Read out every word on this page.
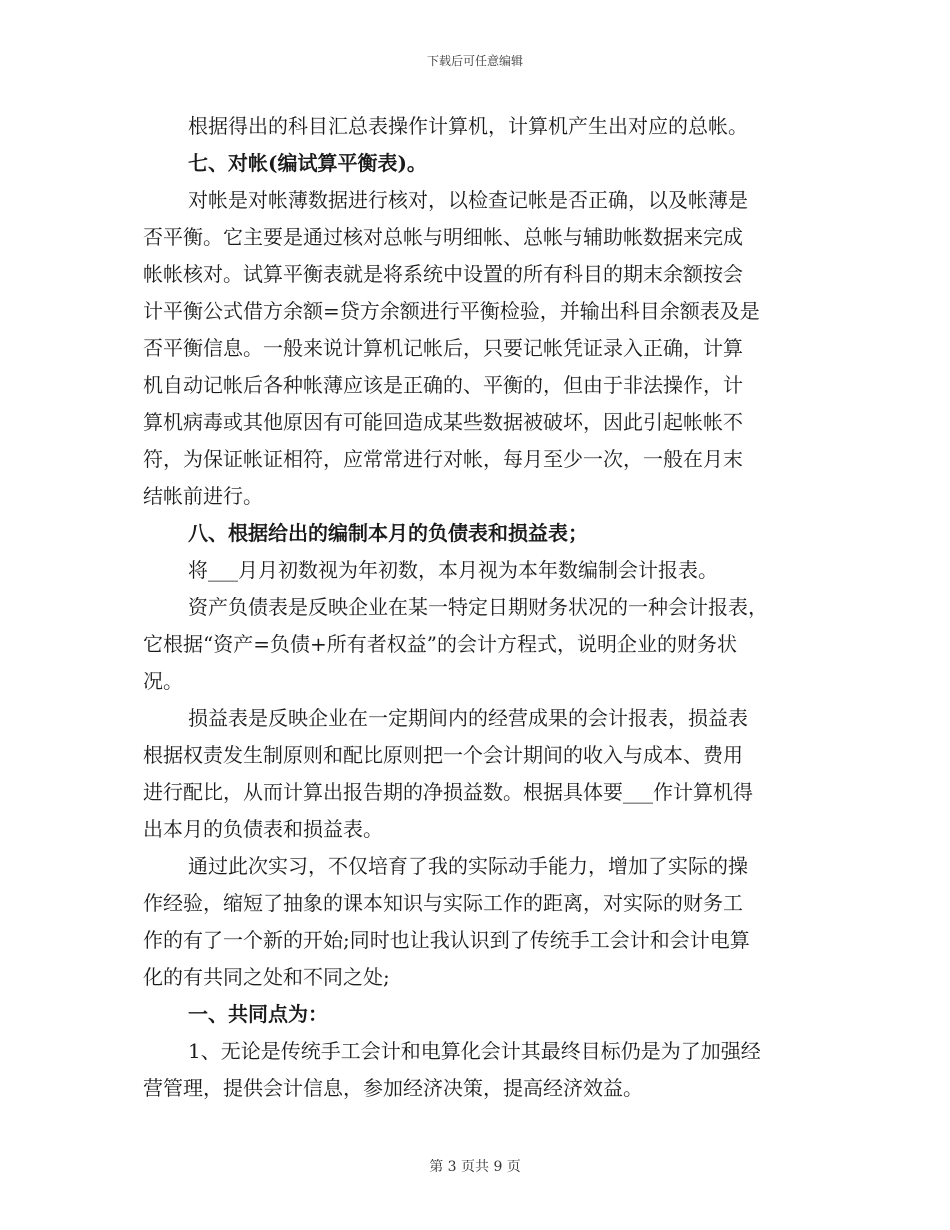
下载后可任意编辑
根据得出的科目汇总表操作计算机，计算机产生出对应的总帐。
七、对帐(编试算平衡表)。
对帐是对帐薄数据进行核对，以检查记帐是否正确，以及帐薄是
否平衡。它主要是通过核对总帐与明细帐、总帐与辅助帐数据来完成
帐帐核对。试算平衡表就是将系统中设置的所有科目的期末余额按会
计平衡公式借方余额=贷方余额进行平衡检验，并输出科目余额表及是
否平衡信息。一般来说计算机记帐后，只要记帐凭证录入正确，计算
机自动记帐后各种帐薄应该是正确的、平衡的，但由于非法操作，计
算机病毒或其他原因有可能回造成某些数据被破坏，因此引起帐帐不
符，为保证帐证相符，应常常进行对帐，每月至少一次，一般在月末
结帐前进行。
八、根据给出的编制本月的负债表和损益表；
将___月月初数视为年初数，本月视为本年数编制会计报表。
资产负债表是反映企业在某一特定日期财务状况的一种会计报表，
它根据“资产=负债+所有者权益”的会计方程式，说明企业的财务状
况。
损益表是反映企业在一定期间内的经营成果的会计报表，损益表
根据权责发生制原则和配比原则把一个会计期间的收入与成本、费用
进行配比，从而计算出报告期的净损益数。根据具体要___作计算机得
出本月的负债表和损益表。
通过此次实习，不仅培育了我的实际动手能力，增加了实际的操
作经验，缩短了抽象的课本知识与实际工作的距离，对实际的财务工
作的有了一个新的开始;同时也让我认识到了传统手工会计和会计电算
化的有共同之处和不同之处;
一、共同点为：
1、无论是传统手工会计和电算化会计其最终目标仍是为了加强经
营管理，提供会计信息，参加经济决策，提高经济效益。
第 3 页共 9 页
